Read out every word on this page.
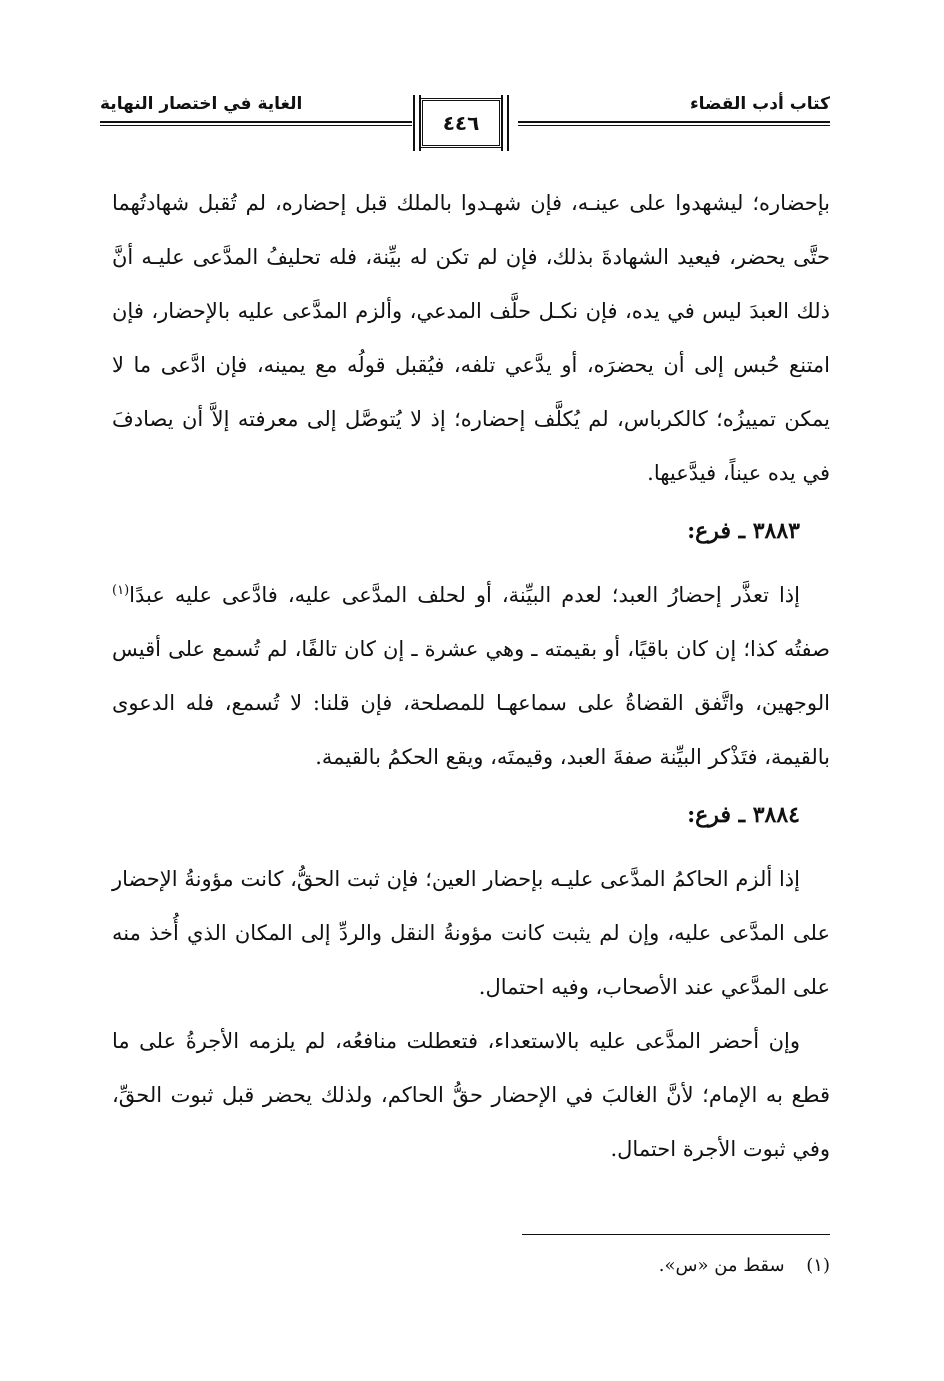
كتاب أدب القضاء
الغاية في اختصار النهاية
٤٤٦

بإحضاره؛ ليشهدوا على عينـه، فإن شهـدوا بالملك قبل إحضاره، لم تُقبل شهادتُهما حتَّى يحضر، فيعيد الشهادةَ بذلك، فإن لم تكن له بيِّنة، فله تحليفُ المدَّعى عليـه أنَّ ذلك العبدَ ليس في يده، فإن نكـل حلَّف المدعي، وألزم المدَّعى عليه بالإحضار، فإن امتنع حُبس إلى أن يحضرَه، أو يدَّعي تلفه، فيُقبل قولُه مع يمينه، فإن ادَّعى ما لا يمكن تمييزُه؛ كالكرباس، لم يُكلَّف إحضاره؛ إذ لا يُتوصَّل إلى معرفته إلاَّ أن يصادفَ في يده عيناً، فيدَّعيها.

٣٨٨٣ ـ فرع:

إذا تعذَّر إحضارُ العبد؛ لعدم البيِّنة، أو لحلف المدَّعى عليه، فادَّعى عليه عبدًا$^{(١)}$ صفتُه كذا؛ إن كان باقيًا، أو بقيمته ـ وهي عشرة ـ إن كان تالفًا، لم تُسمع على أقيس الوجهين، واتَّفق القضاةُ على سماعهـا للمصلحة، فإن قلنا: لا تُسمع، فله الدعوى بالقيمة، فتَذْكر البيِّنة صفةَ العبد، وقيمتَه، ويقع الحكمُ بالقيمة.

٣٨٨٤ ـ فرع:

إذا ألزم الحاكمُ المدَّعى عليـه بإحضار العين؛ فإن ثبت الحقُّ، كانت مؤونةُ الإحضار على المدَّعى عليه، وإن لم يثبت كانت مؤونةُ النقل والردِّ إلى المكان الذي أُخذ منه على المدَّعي عند الأصحاب، وفيه احتمال.

وإن أحضر المدَّعى عليه بالاستعداء، فتعطلت منافعُه، لم يلزمه الأجرةُ على ما قطع به الإمام؛ لأنَّ الغالبَ في الإحضار حقُّ الحاكم، ولذلك يحضر قبل ثبوت الحقِّ، وفي ثبوت الأجرة احتمال.

(١) سقط من «س».
